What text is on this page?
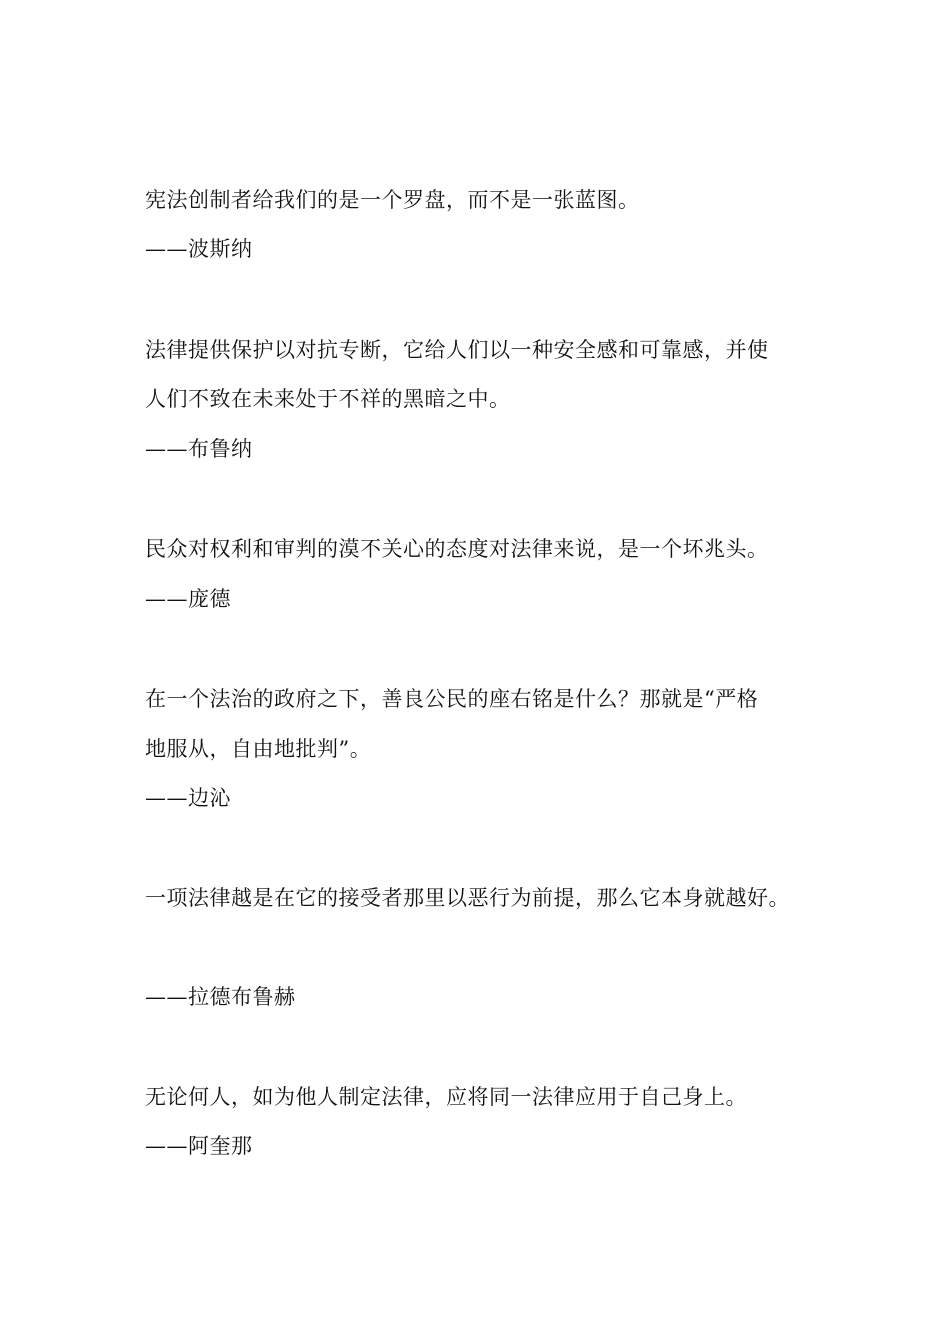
宪法创制者给我们的是一个罗盘，而不是一张蓝图。
——波斯纳
法律提供保护以对抗专断，它给人们以一种安全感和可靠感，并使
人们不致在未来处于不祥的黑暗之中。
——布鲁纳
民众对权利和审判的漠不关心的态度对法律来说，是一个坏兆头。
——庞德
在一个法治的政府之下，善良公民的座右铭是什么？那就是“严格
地服从，自由地批判”。
——边沁
一项法律越是在它的接受者那里以恶行为前提，那么它本身就越好。
——拉德布鲁赫
无论何人，如为他人制定法律，应将同一法律应用于自己身上。
——阿奎那
